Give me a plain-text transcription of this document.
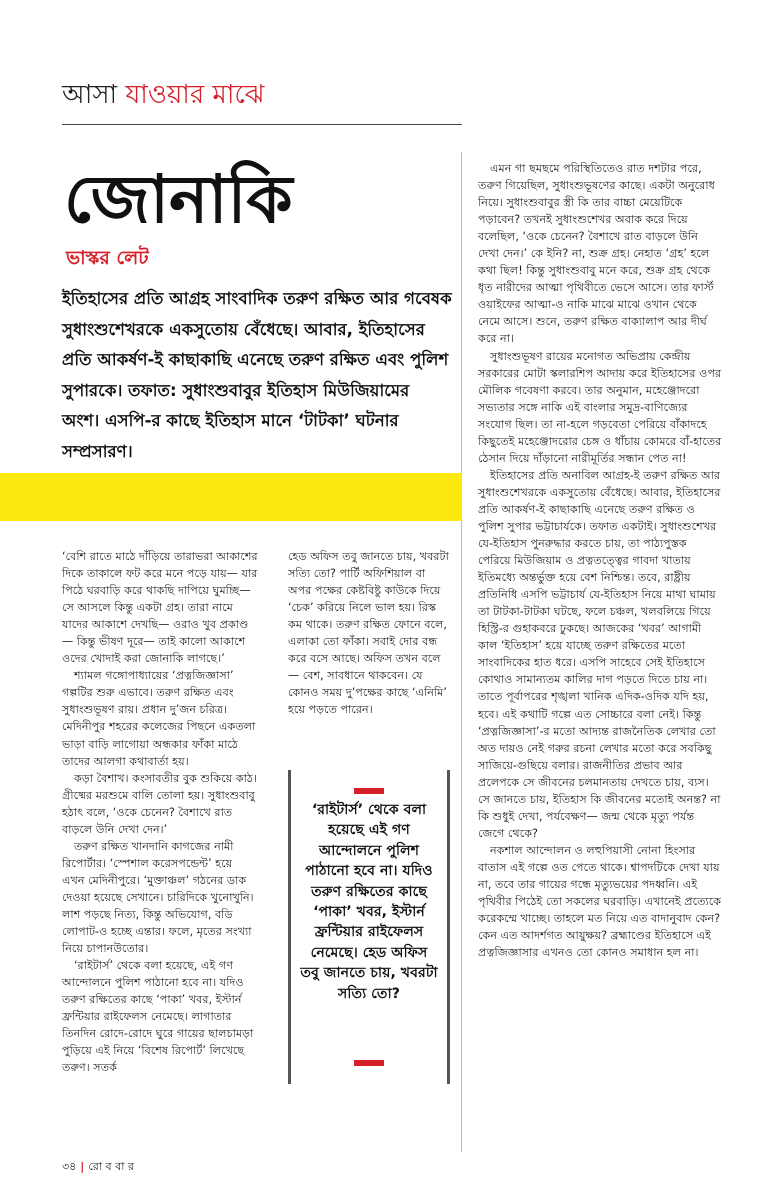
আসা যাওয়ার মাঝে
জোনাকি
ভাস্কর লেট
ইতিহাসের প্রতি আগ্রহ সাংবাদিক তরুণ রক্ষিত আর গবেষক সুধাংশুশেখরকে একসুতোয় বেঁধেছে। আবার, ইতিহাসের প্রতি আকর্ষণ-ই কাছাকাছি এনেছে তরুণ রক্ষিত এবং পুলিশ সুপারকে। তফাত: সুধাংশুবাবুর ইতিহাস মিউজিয়ামের অংশ। এসপি-র কাছে ইতিহাস মানে ‘টাটকা’ ঘটনার সম্প্রসারণ।

‘বেশি রাতে মাঠে দাঁড়িয়ে তারাভরা আকাশের দিকে তাকালে ফট করে মনে পড়ে যায়— যার পিঠে ঘরবাড়ি করে থাকছি দাপিয়ে ঘুমচ্ছি— সে আসলে কিন্তু একটা গ্রহ। তারা নামে যাদের আকাশে দেখছি— ওরাও খুব প্রকাণ্ড— কিন্তু ভীষণ দূরে— তাই কালো আকাশে ওদের খোদাই করা জোনাকি লাগছে।’

শ্যামল গঙ্গোপাধ্যায়ের ‘প্রত্নজিজ্ঞাসা’ গল্পটির শুরু এভাবে। তরুণ রক্ষিত এবং সুধাংশুভূষণ রায়। প্রধান দু’জন চরিত্র। মেদিনীপুর শহরের কলেজের পিছনে একতলা ভাড়া বাড়ি লাগোয়া অন্ধকার ফাঁকা মাঠে তাদের আলগা কথাবার্তা হয়।

কড়া বৈশাখ। কংসাবতীর বুক শুকিয়ে কাঠ। গ্রীষ্মের মরশুমে বালি তোলা হয়। সুধাংশুবাবু হঠাৎ বলে, ‘ওকে চেনেন? বৈশাখে রাত বাড়লে উনি দেখা দেন।’

তরুণ রক্ষিত খানদানি কাগজের নামী রিপোর্টার। ‘স্পেশাল করেসপন্ডেন্ট’ হয়ে এখন মেদিনীপুরে। ‘মুক্তাঞ্চল’ গঠনের ডাক দেওয়া হয়েছে সেখানে। চারিদিকে খুনোখুনি। লাশ পড়ছে নিত্য, কিন্তু অভিযোগ, বডি লোপাট-ও হচ্ছে এন্তার। ফলে, মৃতের সংখ্যা নিয়ে চাপানউতোর।

‘রাইটার্স’ থেকে বলা হয়েছে, এই গণ আন্দোলনে পুলিশ পাঠানো হবে না। যদিও তরুণ রক্ষিতের কাছে ‘পাকা’ খবর, ইস্টার্ন ফ্রন্টিয়ার রাইফেলস নেমেছে। লাগাতার তিনদিন রোদে-রোদে ঘুরে গায়ের ছালচামড়া পুড়িয়ে এই নিয়ে ‘বিশেষ রিপোর্ট’ লিখেছে তরুণ। সতর্ক

হেড অফিস তবু জানতে চায়, খবরটা সত্যি তো? পার্টি অফিশিয়াল বা অপর পক্ষের কেষ্টবিষ্টু কাউকে দিয়ে ‘চেক’ করিয়ে নিলে ভাল হয়। রিস্ক কম থাকে। তরুণ রক্ষিত ফোনে বলে, এলাকা তো ফাঁকা। সবাই দোর বন্ধ করে বসে আছে। অফিস তখন বলে— বেশ, সাবধানে থাকবেন। যে কোনও সময় দু’পক্ষের কাছে ‘এনিমি’ হয়ে পড়তে পারেন।

‘রাইটার্স’ থেকে বলা হয়েছে এই গণ আন্দোলনে পুলিশ পাঠানো হবে না। যদিও তরুণ রক্ষিতের কাছে ‘পাকা’ খবর, ইস্টার্ন ফ্রন্টিয়ার রাইফেলস নেমেছে। হেড অফিস তবু জানতে চায়, খবরটা সত্যি তো?

এমন গা ছমছমে পরিস্থিতিতেও রাত দশটার পরে, তরুণ গিয়েছিল, সুধাংশুভূষণের কাছে। একটা অনুরোধ নিয়ে। সুধাংশুবাবুর স্ত্রী কি তার বাচ্চা মেয়েটিকে পড়াবেন? তখনই সুধাংশুশেখর অবাক করে দিয়ে বলেছিল, ‘ওকে চেনেন? বৈশাখে রাত বাড়লে উনি দেখা দেন।’ কে ইনি? না, শুক্র গ্রহ। নেহাত ‘গ্রহ’ হলে কথা ছিল! কিন্তু সুধাংশুবাবু মনে করে, শুক্র গ্রহ থেকে ধৃত নারীদের আত্মা পৃথিবীতে ভেসে আসে। তার ফার্স্ট ওয়াইফের আত্মা-ও নাকি মাঝে মাঝে ওখান থেকে নেমে আসে। শুনে, তরুণ রক্ষিত বাক্যালাপ আর দীর্ঘ করে না।

সুধাংশুভূষণ রায়ের মনোগত অভিপ্রায় কেন্দ্রীয় সরকারের মোটা স্কলারশিপ আদায় করে ইতিহাসের ওপর মৌলিক গবেষণা করবে। তার অনুমান, মহেঞ্জোদরো সভ্যতার সঙ্গে নাকি এই বাংলার সমুদ্র-বাণিজ্যের সংযোগ ছিল। তা না-হলে গড়বেতা পেরিয়ে বাঁকাদহে কিছুতেই মহেঞ্জোদরোর চেঙ্গ ও ধাঁচায় কোমরে বাঁ-হাতের ঠেসান দিয়ে দাঁড়ানো নারীমূর্তির সন্ধান পেত না!

ইতিহাসের প্রতি অনাবিল আগ্রহ-ই তরুণ রক্ষিত আর সুধাংশুশেখরকে একসুতোয় বেঁধেছে। আবার, ইতিহাসের প্রতি আকর্ষণ-ই কাছাকাছি এনেছে তরুণ রক্ষিত ও পুলিশ সুপার ভট্টাচার্যকে। তফাত একটাই। সুধাংশুশেখর যে-ইতিহাস পুনরুদ্ধার করতে চায়, তা পাঠ্যপুস্তক পেরিয়ে মিউজিয়াম ও প্রত্নতত্ত্বের গাবদা খাতায় ইতিমধ্যে অন্তর্ভুক্ত হয়ে বেশ নিশ্চিন্ত। তবে, রাষ্ট্রীয় প্রতিনিধি এসপি ভট্টাচার্য যে-ইতিহাস নিয়ে মাথা ঘামায় তা টাটকা-টাটকা ঘটছে, ফলে চঞ্চল, খলবলিয়ে গিয়ে হিস্ট্রি-র গুহাকবরে ঢুকছে। আজকের ‘খবর’ আগামী কাল ‘ইতিহাস’ হয়ে যাচ্ছে তরুণ রক্ষিতের মতো সাংবাদিকের হাত ধরে। এসপি সাহেবে সেই ইতিহাসে কোথাও সামান্যতম কালির দাগ পড়তে দিতে চায় না। তাতে পূর্বাপরের শৃঙ্খলা খানিক এদিক-ওদিক যদি হয়, হবে। এই কথাটি গল্পে এত সোচ্চারে বলা নেই। কিন্তু ‘প্রত্নজিজ্ঞাসা’-র মতো আদ্যন্ত রাজনৈতিক লেখার তো অত দায়ও নেই গরুর রচনা লেখার মতো করে সবকিছু সাজিয়ে-গুছিয়ে বলার। রাজনীতির প্রভাব আর প্রলেপকে সে জীবনের চলমানতায় দেখতে চায়, ব্যস। সে জানতে চায়, ইতিহাস কি জীবনের মতোই অনন্ত? না কি শুধুই দেখা, পর্যবেক্ষণ— জন্ম থেকে মৃত্যু পর্যন্ত জেগে থেকে?

নকশাল আন্দোলন ও লহুপিয়াসী নোনা হিংসার বাতাস এই গল্পে ওত পেতে থাকে। শ্বাপদটিকে দেখা যায় না, তবে তার গায়ের গন্ধে মৃত্যুভয়ের পদধ্বনি। এই পৃথিবীর পিঠেই তো সকলের ঘরবাড়ি। এখানেই প্রত্যেকে করেকম্মে খাচ্ছে। তাহলে মত নিয়ে এত বাদানুবাদ কেন? কেন এত আদর্শগত আয়ুক্ষয়? ব্রহ্মাণ্ডের ইতিহাসে এই প্রত্নজিজ্ঞাসার এখনও তো কোনও সমাধান হল না।

৩৪ | রো ব বা র
